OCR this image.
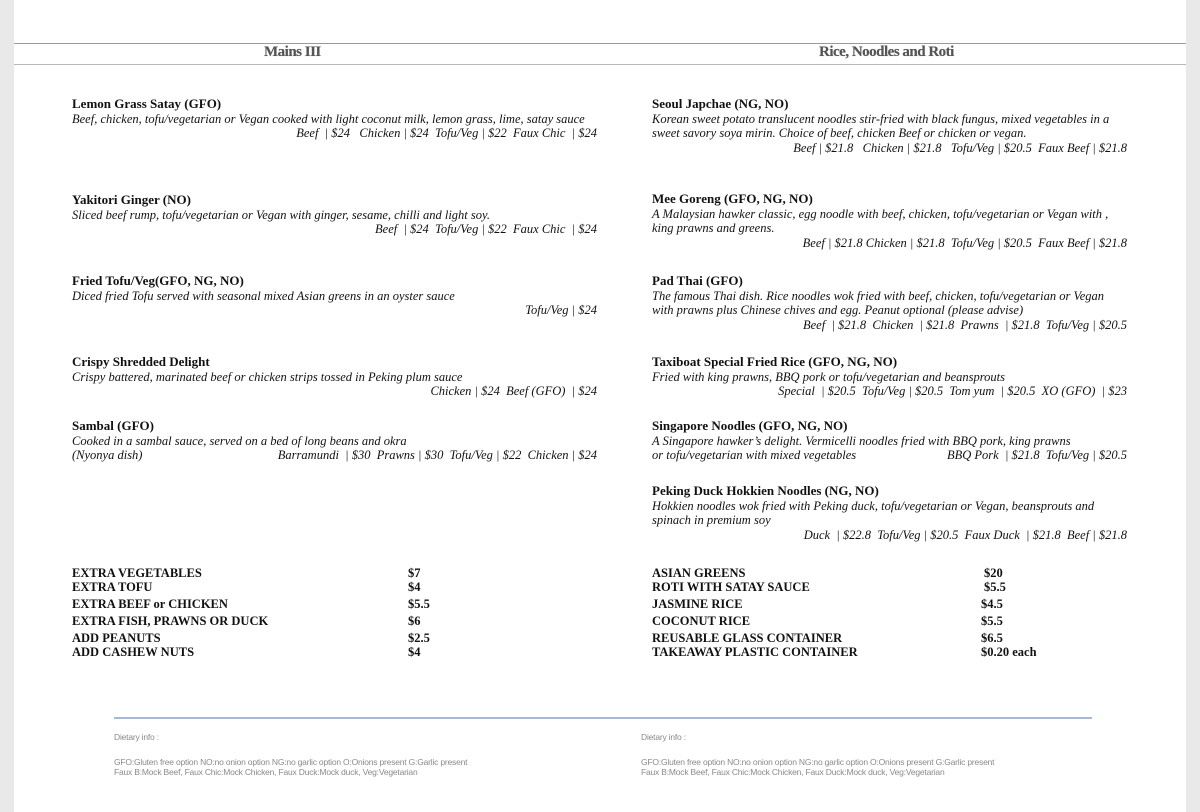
Mains III	Rice, Noodles and Roti
Lemon Grass Satay (GFO)
Beef, chicken, tofu/vegetarian or Vegan cooked with light coconut milk, lemon grass, lime, satay sauce
Beef  | $24   Chicken | $24  Tofu/Veg | $22  Faux Chic  | $24
Yakitori Ginger (NO)
Sliced beef rump, tofu/vegetarian or Vegan with ginger, sesame, chilli and light soy.
Beef  | $24  Tofu/Veg | $22  Faux Chic  | $24
Fried Tofu/Veg(GFO, NG, NO)
Diced fried Tofu served with seasonal mixed Asian greens in an oyster sauce
Tofu/Veg | $24
Crispy Shredded Delight
Crispy battered, marinated beef or chicken strips tossed in Peking plum sauce
Chicken | $24  Beef (GFO)  | $24
Sambal (GFO)
Cooked in a sambal sauce, served on a bed of long beans and okra
(Nyonya dish)	Barramundi  | $30  Prawns | $30  Tofu/Veg | $22  Chicken | $24
Seoul Japchae (NG, NO)
Korean sweet potato translucent noodles stir-fried with black fungus, mixed vegetables in a sweet savory soya mirin. Choice of beef, chicken Beef or chicken or vegan.
Beef | $21.8   Chicken | $21.8   Tofu/Veg | $20.5  Faux Beef | $21.8
Mee Goreng (GFO, NG, NO)
A Malaysian hawker classic, egg noodle with beef, chicken, tofu/vegetarian or Vegan with , king prawns and greens.
Beef | $21.8 Chicken | $21.8  Tofu/Veg | $20.5  Faux Beef | $21.8
Pad Thai (GFO)
The famous Thai dish. Rice noodles wok fried with beef, chicken, tofu/vegetarian or Vegan with prawns plus Chinese chives and egg. Peanut optional (please advise)
Beef  | $21.8  Chicken  | $21.8  Prawns  | $21.8  Tofu/Veg | $20.5
Taxiboat Special Fried Rice (GFO, NG, NO)
Fried with king prawns, BBQ pork or tofu/vegetarian and beansprouts
Special  | $20.5  Tofu/Veg | $20.5  Tom yum  | $20.5  XO (GFO)  | $23
Singapore Noodles (GFO, NG, NO)
A Singapore hawker’s delight. Vermicelli noodles fried with BBQ pork, king prawns
or tofu/vegetarian with mixed vegetables	BBQ Pork  | $21.8  Tofu/Veg | $20.5
Peking Duck Hokkien Noodles (NG, NO)
Hokkien noodles wok fried with Peking duck, tofu/vegetarian or Vegan, beansprouts and spinach in premium soy
Duck  | $22.8  Tofu/Veg | $20.5  Faux Duck  | $21.8  Beef | $21.8
EXTRA VEGETABLES	$7
EXTRA TOFU	$4
EXTRA BEEF or CHICKEN	$5.5
EXTRA FISH, PRAWNS OR DUCK	$6
ADD PEANUTS	$2.5
ADD CASHEW NUTS	$4
ASIAN GREENS	$20
ROTI WITH SATAY SAUCE	$5.5
JASMINE RICE	$4.5
COCONUT RICE	$5.5
REUSABLE GLASS CONTAINER	$6.5
TAKEAWAY PLASTIC CONTAINER	$0.20 each
Dietary info :
GFO:Gluten free option NO:no onion option NG:no garlic option O:Onions present G:Garlic present
Faux B:Mock Beef, Faux Chic:Mock Chicken, Faux Duck:Mock duck, Veg:Vegetarian
Dietary info :
GFO:Gluten free option NO:no onion option NG:no garlic option O:Onions present G:Garlic present
Faux B:Mock Beef, Faux Chic:Mock Chicken, Faux Duck:Mock duck, Veg:Vegetarian
